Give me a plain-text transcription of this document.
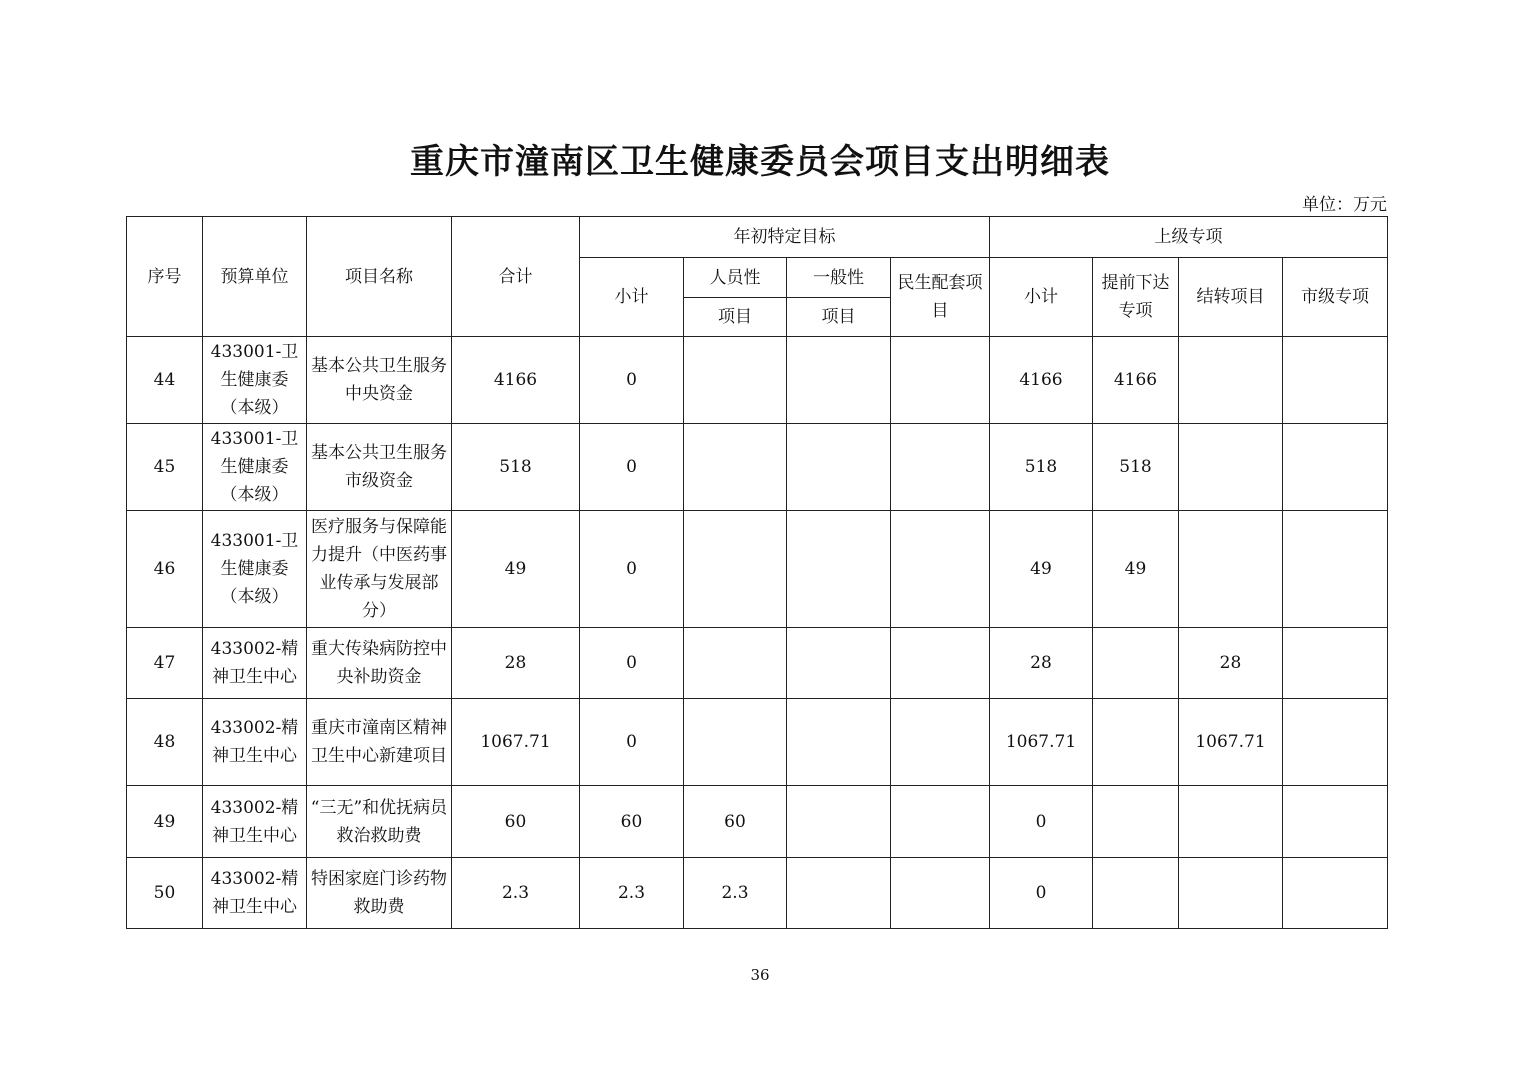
重庆市潼南区卫生健康委员会项目支出明细表
单位：万元
序号	预算单位	项目名称	合计	年初特定目标				上级专项			
				小计	人员性	一般性	民生配套项目	小计	提前下达专项	结转项目	市级专项
					项目	项目					
44	433001-卫生健康委（本级）	基本公共卫生服务中央资金	4166	0				4166	4166		
45	433001-卫生健康委（本级）	基本公共卫生服务市级资金	518	0				518	518		
46	433001-卫生健康委（本级）	医疗服务与保障能力提升（中医药事业传承与发展部分）	49	0				49	49		
47	433002-精神卫生中心	重大传染病防控中央补助资金	28	0				28		28	
48	433002-精神卫生中心	重庆市潼南区精神卫生中心新建项目	1067.71	0				1067.71		1067.71	
49	433002-精神卫生中心	“三无”和优抚病员救治救助费	60	60	60			0			
50	433002-精神卫生中心	特困家庭门诊药物救助费	2.3	2.3	2.3			0			
36
